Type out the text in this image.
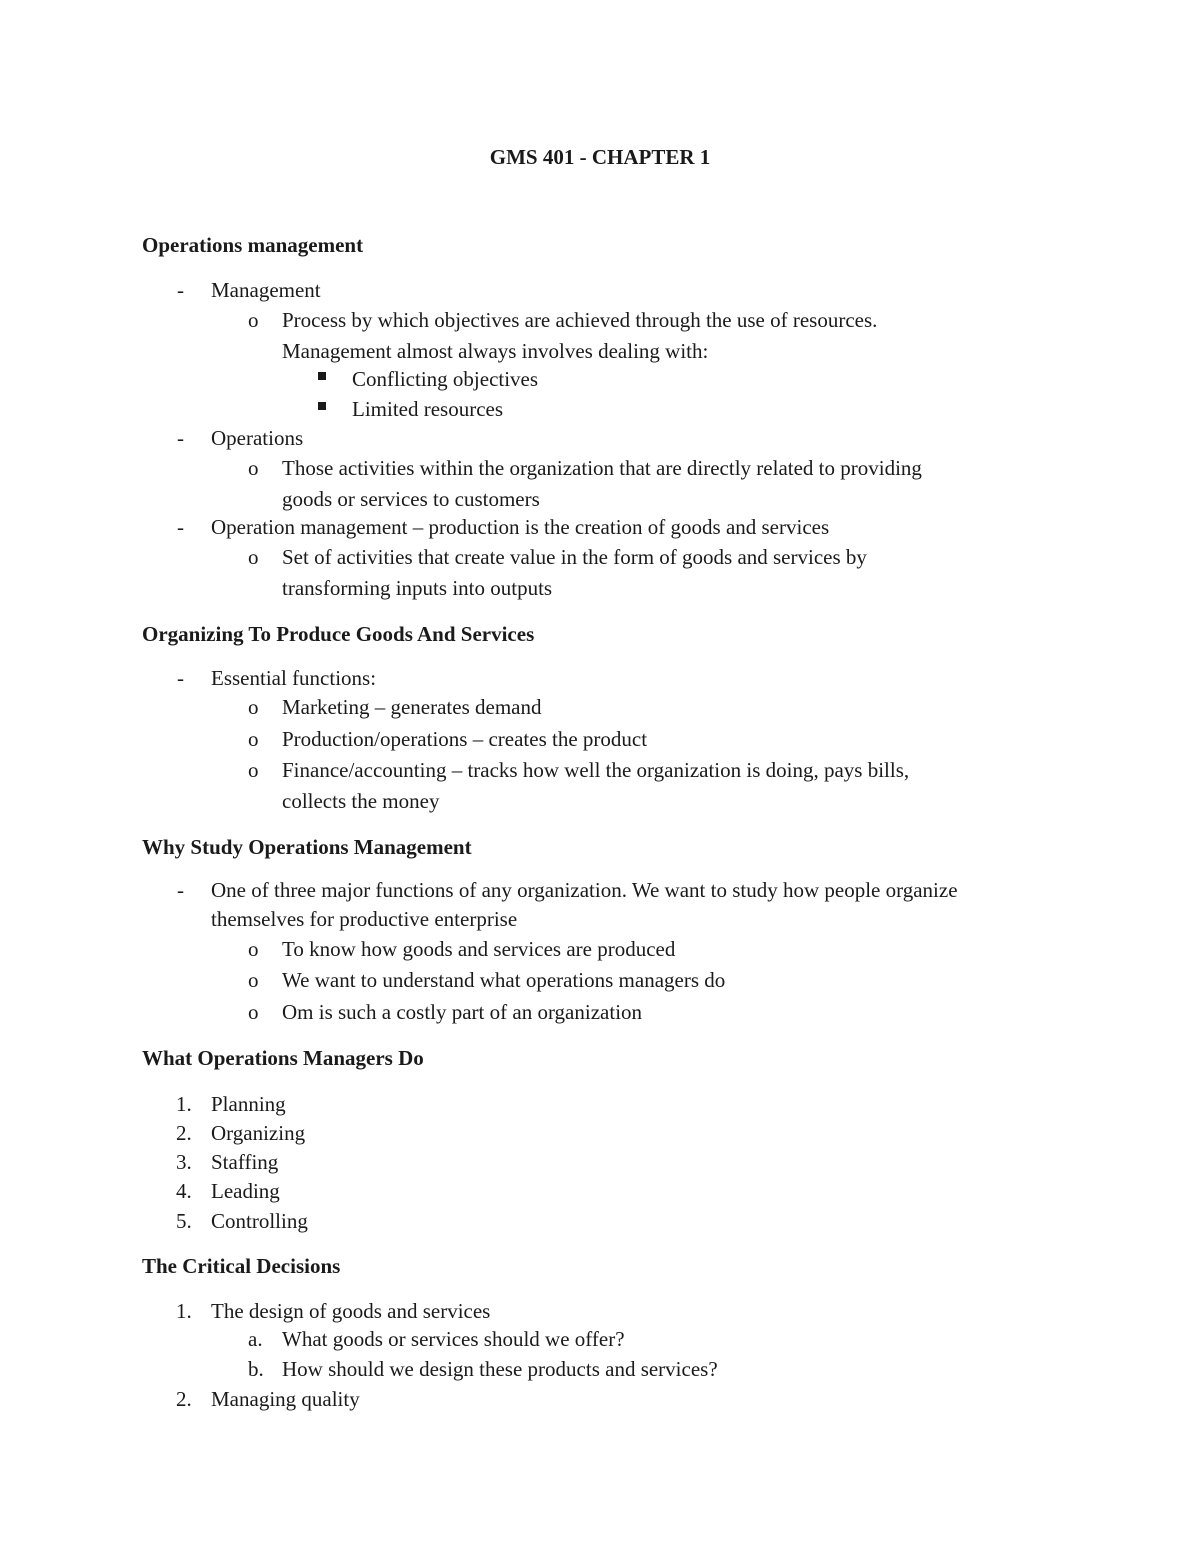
GMS 401 - CHAPTER 1
Operations management
- Management
o Process by which objectives are achieved through the use of resources.
Management almost always involves dealing with:
Conflicting objectives
Limited resources
- Operations
o Those activities within the organization that are directly related to providing
goods or services to customers
- Operation management – production is the creation of goods and services
o Set of activities that create value in the form of goods and services by
transforming inputs into outputs
Organizing To Produce Goods And Services
- Essential functions:
o Marketing – generates demand
o Production/operations – creates the product
o Finance/accounting – tracks how well the organization is doing, pays bills,
collects the money
Why Study Operations Management
- One of three major functions of any organization. We want to study how people organize
themselves for productive enterprise
o To know how goods and services are produced
o We want to understand what operations managers do
o Om is such a costly part of an organization
What Operations Managers Do
1. Planning
2. Organizing
3. Staffing
4. Leading
5. Controlling
The Critical Decisions
1. The design of goods and services
a. What goods or services should we offer?
b. How should we design these products and services?
2. Managing quality
